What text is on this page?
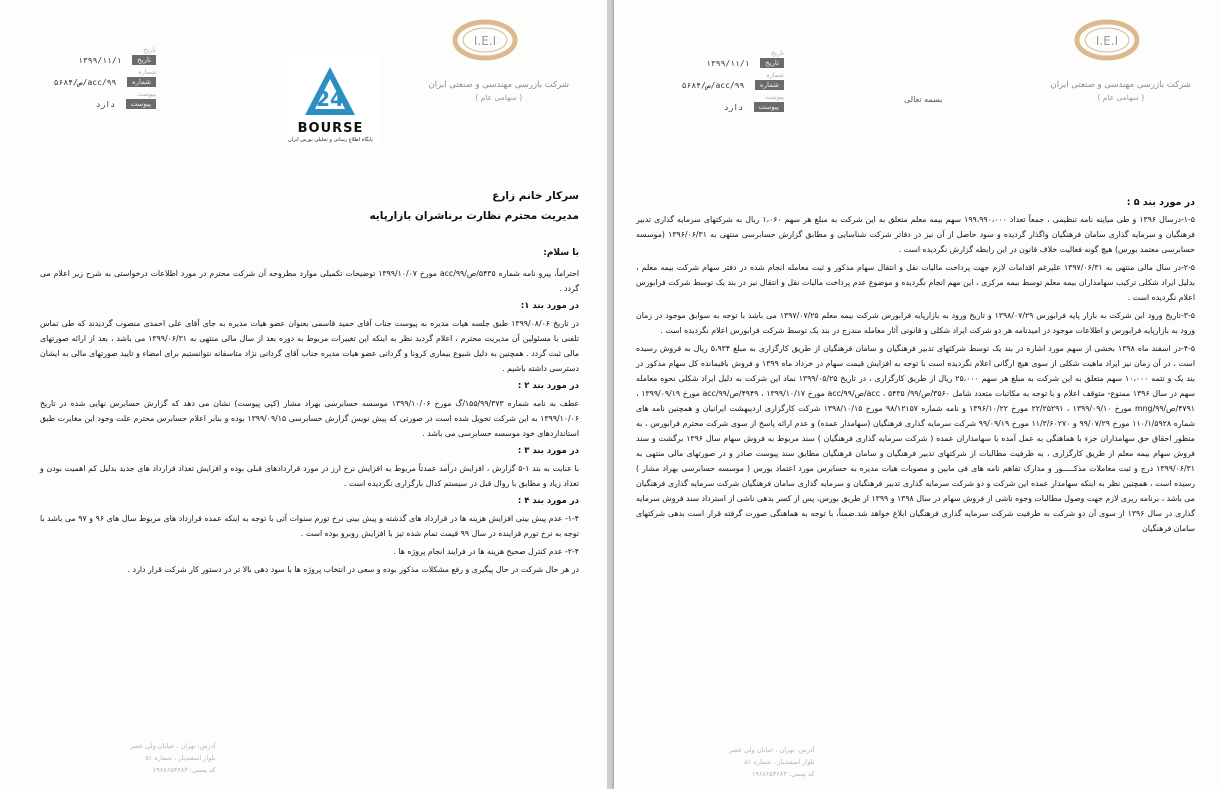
I.E.I
شرکت بازرسی مهندسی و صنعتی ایران
( سهامی عام )
تاریخ
تاریخ ۱۳۹۹/۱۱/۱
شماره
شماره acc/۹۹/ص/۵۶۸۴
پیوست
پیوست دارد	24
BOURSE
پایگاه اطلاع رسانی و تحلیلی بورس ایران
سرکار خانم زارع
مدیریت محترم نظارت برناشران بازارپایه
با سلام:

احتراماً، پیرو نامه شماره ۵۴۳۵/ص/۹۹/acc مورخ ۱۳۹۹/۱۰/۰۷ توضیحات تکمیلی موارد مطروحه آن شرکت محترم در مورد اطلاعات درخواستی به شرح زیر اعلام می گردد .

در مورد بند ۱:

در تاریخ ۱۳۹۹/۰۸/۰۶ طبق جلسه هیات مدیره به پیوست جناب آقای حمید قاسمی بعنوان عضو هیات مدیره به جای آقای علی احمدی منصوب گردیدند که طی تماس تلفنی با مسئولین آن مدیریت محترم ، اعلام گردید نظر به اینکه این تغییرات مربوط به دوره بعد از سال مالی منتهی به ۱۳۹۹/۰۶/۳۱ می باشد ، بعد از ارائه صورتهای مالی ثبت گردد . همچنین به دلیل شیوع بیماری کرونا و گردانی عضو هیات مدیره جناب آقای گردانی نژاد متاسفانه نتوانستیم برای امضاء و تایید صورتهای مالی به ایشان دسترسی داشته باشیم .

در مورد بند ۲ :

عطف به نامه شماره ۱۵۵/۹۹/۳۷۳/گ مورخ ۱۳۹۹/۱۰/۰۶ موسسه حسابرسی بهراد مشار (کپی پیوست) نشان می دهد که گزارش حسابرس نهایی شده در تاریخ ۱۳۹۹/۱۰/۰۶ به این شرکت تحویل شده است در صورتی که پیش نویس گزارش حسابرسی ۱۳۹۹/۰۹/۱۵ بوده و بنابر اعلام حسابرس محترم علت وجود این مغایرت طبق استانداردهای خود موسسه حسابرسی می باشد .

در مورد بند ۳ :

با عنایت به بند ۱-۵ گزارش ، افزایش درآمد عمدتاً مربوط به افزایش نرخ ارز در مورد قراردادهای قبلی بوده و افزایش تعداد قرارداد های جدید بدلیل کم اهمیت بودن و تعداد زیاد و مطابق با روال قبل در سیستم کدال بارگزاری نگردیده است .

در مورد بند ۴ :

۱-۴- عدم پیش بینی افزایش هزینه ها در قرارداد های گذشته و پیش بینی نرخ تورم سنوات آتی با توجه به اینکه عمده قرارداد های مربوط سال های ۹۶ و ۹۷ می باشد با توجه به نرخ تورم فزاینده در سال ۹۹ قیمت تمام شده تیز با افزایش روبرو بوده است .

۲-۴- عدم کنترل صحیح هزینه ها در فرایند انجام پروژه ها .

در هر حال شرکت در حال پیگیری و رفع مشکلات مذکور بوده و سعی در انتخاب پروژه ها با سود دهی بالا تر در دستور کار شرکت قرار دارد .

آدرس: تهران ، خیابان ولی عصر
بلوار اسفندیار ، شماره ۵۱
کد پستی: ۱۹۶۸۶۵۳۶۸۳
I.E.I
شرکت بازرسی مهندسی و صنعتی ایران
( سهامی عام )
بسمه تعالی
تاریخ
تاریخ ۱۳۹۹/۱۱/۱
شماره
شماره acc/۹۹/ص/۵۶۸۴
پیوست
پیوست دارد
در مورد بند ۵ :

۱-۵-درسال ۱۳۹۶ و طی میاینه نامه تنظیمی ، جمعاً تعداد ۱۹۹،۹۹۰،۰۰۰ سهم بیمه معلم متعلق به این شرکت به مبلغ هر سهم ۱،۰۶۰ ریال به شرکتهای سرمایه گذاری تدبیر فرهنگیان و سرمایه گذاری سامان فرهنگیان واگذار گردیده و سود حاصل از آن نیز در دفاتر شرکت شناسایی و مطابق گزارش حسابرسی منتهی به ۱۳۹۶/۰۶/۳۱ (موسسه حسابرسی معتمد بورس) هیچ گونه فعالیت خلاف قانون در این رابطه گزارش نگردیده است .

۲-۵-در سال مالی منتهی به ۱۳۹۷/۰۶/۳۱ علیرغم اقدامات لازم جهت پرداخت مالیات نقل و انتقال سهام مذکور و ثبت معامله انجام شده در دفتر سهام شرکت بیمه معلم ، بدلیل ایراد شکلی ترکیب سهامداران بیمه معلم توسط بیمه مرکزی ، این مهم انجام نگردیده و موضوع عدم پرداخت مالیات نقل و انتقال نیز در بند یک توسط شرکت فرابورس اعلام نگردیده است .

۳-۵-تاریخ ورود این شرکت به بازار پایه فرابورس ۱۳۹۸/۰۷/۲۹ و تاریخ ورود به بازارپایه فرابورس شرکت بیمه معلم ۱۳۹۷/۰۷/۲۵ می باشد با توجه به سوابق موجود در زمان ورود به بازارپایه فرابورس و اطلاعات موجود در امیدنامه هر دو شرکت ایراد شکلی و قانونی آثار معامله مندرج در بند یک توسط شرکت فرابورس اعلام نگردیده است .

۴-۵-در اسفند ماه ۱۳۹۸ بخشی از سهم مورد اشاره در بند یک توسط شرکتهای تدبیر فرهنگیان و سامان فرهنگیان از طریق کارگزاری به مبلغ ۵،۹۳۴ ریال به فروش رسیده است ، در آن زمان نیز ایراد ماهیت شکلی از سوی هیچ ارگانی اعلام نگردیده است با توجه به افزایش قیمت سهام در خرداد ماه ۱۳۹۹ و فروش باقیمانده کل سهام مذکور در بند یک و تتمه ۱۰،۰۰۰ سهم متعلق به این شرکت به مبلغ هر سهم ۲۵،۰۰۰ ریال از طریق کارگزاری ، در تاریخ ۱۳۹۹/۰۵/۲۵ نماد این شرکت به دلیل ایراد شکلی نحوه معامله سهم در سال ۱۳۹۶ ممنوع- متوقف اعلام و با توجه به مکاتبات متعدد شامل ۳۵۶۰/ص/۹۹/ acc ، ۵۴۳۵/ص/۹۹/acc مورخ ۱۳۹۹/۱۰/۱۷ ، ۴۹۴۹/ص/۹۹/acc مورخ ۱۳۹۹/۰۹/۱۹ ، ۴۷۹۱/ص/۹۹/mng مورخ ۱۳۹۹/۰۹/۱۰ ، ۲۲/۲۵۲۹۱ مورخ ۱۳۹۶/۱۰/۲۲ و نامه شماره ۹۸/۱۲۱۵۷ مورخ ۱۳۹۸/۱۰/۱۵ شرکت کارگزاری اردیبهشت ایرانیان و همچنین نامه های شماره ۱۱۰/۱/۵۹۲۸ مورخ ۹۹/۰۷/۲۹ و ۱۱/۳/۶۰۲۷۰ مورخ ۹۹/۰۹/۱۹ شرکت سرمایه گذاری فرهنگیان (سهامدار عمده) و عدم ارائه پاسخ از سوی شرکت محترم فرابورس ، به منظور احقاق حق سهامداران جزء با هماهنگی به عمل آمده با سهامداران عمده ( شرکت سرمایه گذاری فرهنگیان ) سند مربوط به فروش سهام سال ۱۳۹۶ برگشت و سند فروش سهام بیمه معلم از طریق کارگزاری ، به طرفیت مطالبات از شرکتهای تدبیر فرهنگیان و سامان فرهنگیان مطابق سند پیوست صادر و در صورتهای مالی منتهی به ۱۳۹۹/۰۶/۳۱ درج و ثبت معاملات مذکـــــور و مدارک تفاهم نامه های فی مابین و مصوبات هیات مدیره به حسابرس مورد اعتماد بورس ( موسسه حسابرسی بهراد مشار ) رسیده است ، همچنین نظر به اینکه سهامدار عمده این شرکت و دو شرکت سرمایه گذاری تدبیر فرهنگیان و سرمایه گذاری سامان فرهنگیان شرکت سرمایه گذاری فرهنگیان می باشد ، برنامه ریزی لازم جهت وصول مطالبات وجوه ناشی از فروش سهام در سال ۱۳۹۸ و ۱۳۹۹ از طریق بورس، پس از کسر بدهی ناشی از استرداد سند فروش سرمایه گذاری در سال ۱۳۹۶ از سوی آن دو شرکت به طرفیت شرکت سرمایه گذاری فرهنگیان ابلاغ خواهد شد.ضمناً، با توجه به هماهنگی صورت گرفته قرار است بدهی شرکتهای سامان فرهنگیان

آدرس: تهران ، خیابان ولی عصر
بلوار اسفندیار ، شماره ۵۱
کد پستی: ۱۹۶۸۶۵۳۶۸۳
